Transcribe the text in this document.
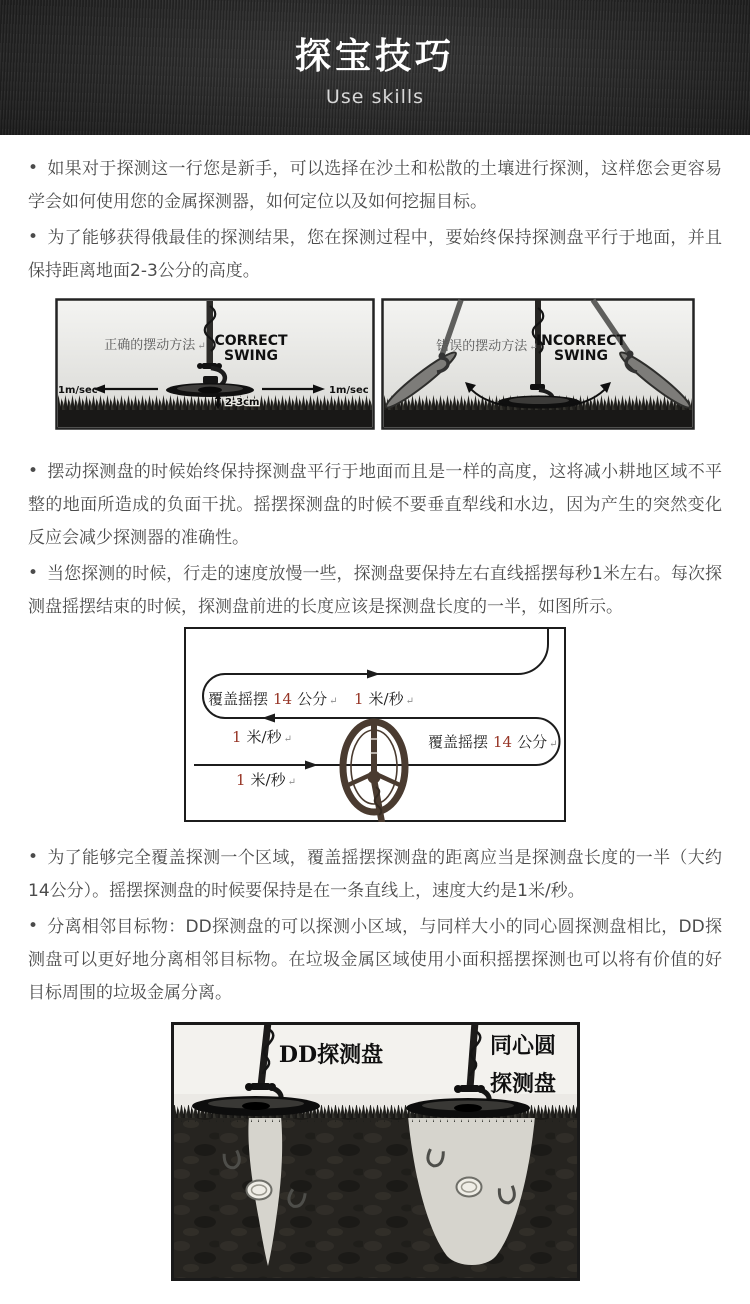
探宝技巧
Use skills

• 如果对于探测这一行您是新手，可以选择在沙土和松散的土壤进行探测，这样您会更容易学会如何使用您的金属探测器，如何定位以及如何挖掘目标。

• 为了能够获得俄最佳的探测结果，您在探测过程中，要始终保持探测盘平行于地面，并且保持距离地面2-3公分的高度。

1m/sec	1m/sec
正确的摆动方法 ↵ CORRECT
SWING
2-3cm
错误的摆动方法 ↵
INCORRECT
SWING

• 摆动探测盘的时候始终保持探测盘平行于地面而且是一样的高度，这将减小耕地区域不平整的地面所造成的负面干扰。摇摆探测盘的时候不要垂直犁线和水边，因为产生的突然变化反应会减少探测器的准确性。

• 当您探测的时候，行走的速度放慢一些，探测盘要保持左右直线摇摆每秒1米左右。每次探测盘摇摆结束的时候，探测盘前进的长度应该是探测盘长度的一半，如图所示。

覆盖摇摆 14 公分 ↵ 1 米/秒 ↵
1 米/秒 ↵	覆盖摇摆 14 公分 ↵
1 米/秒 ↵

• 为了能够完全覆盖探测一个区域，覆盖摇摆探测盘的距离应当是探测盘长度的一半（大约14公分）。摇摆探测盘的时候要保持是在一条直线上，速度大约是1米/秒。

• 分离相邻目标物：DD探测盘的可以探测小区域，与同样大小的同心圆探测盘相比，DD探测盘可以更好地分离相邻目标物。在垃圾金属区域使用小面积摇摆探测也可以将有价值的好目标周围的垃圾金属分离。

DD探测盘	同心圆
探测盘
